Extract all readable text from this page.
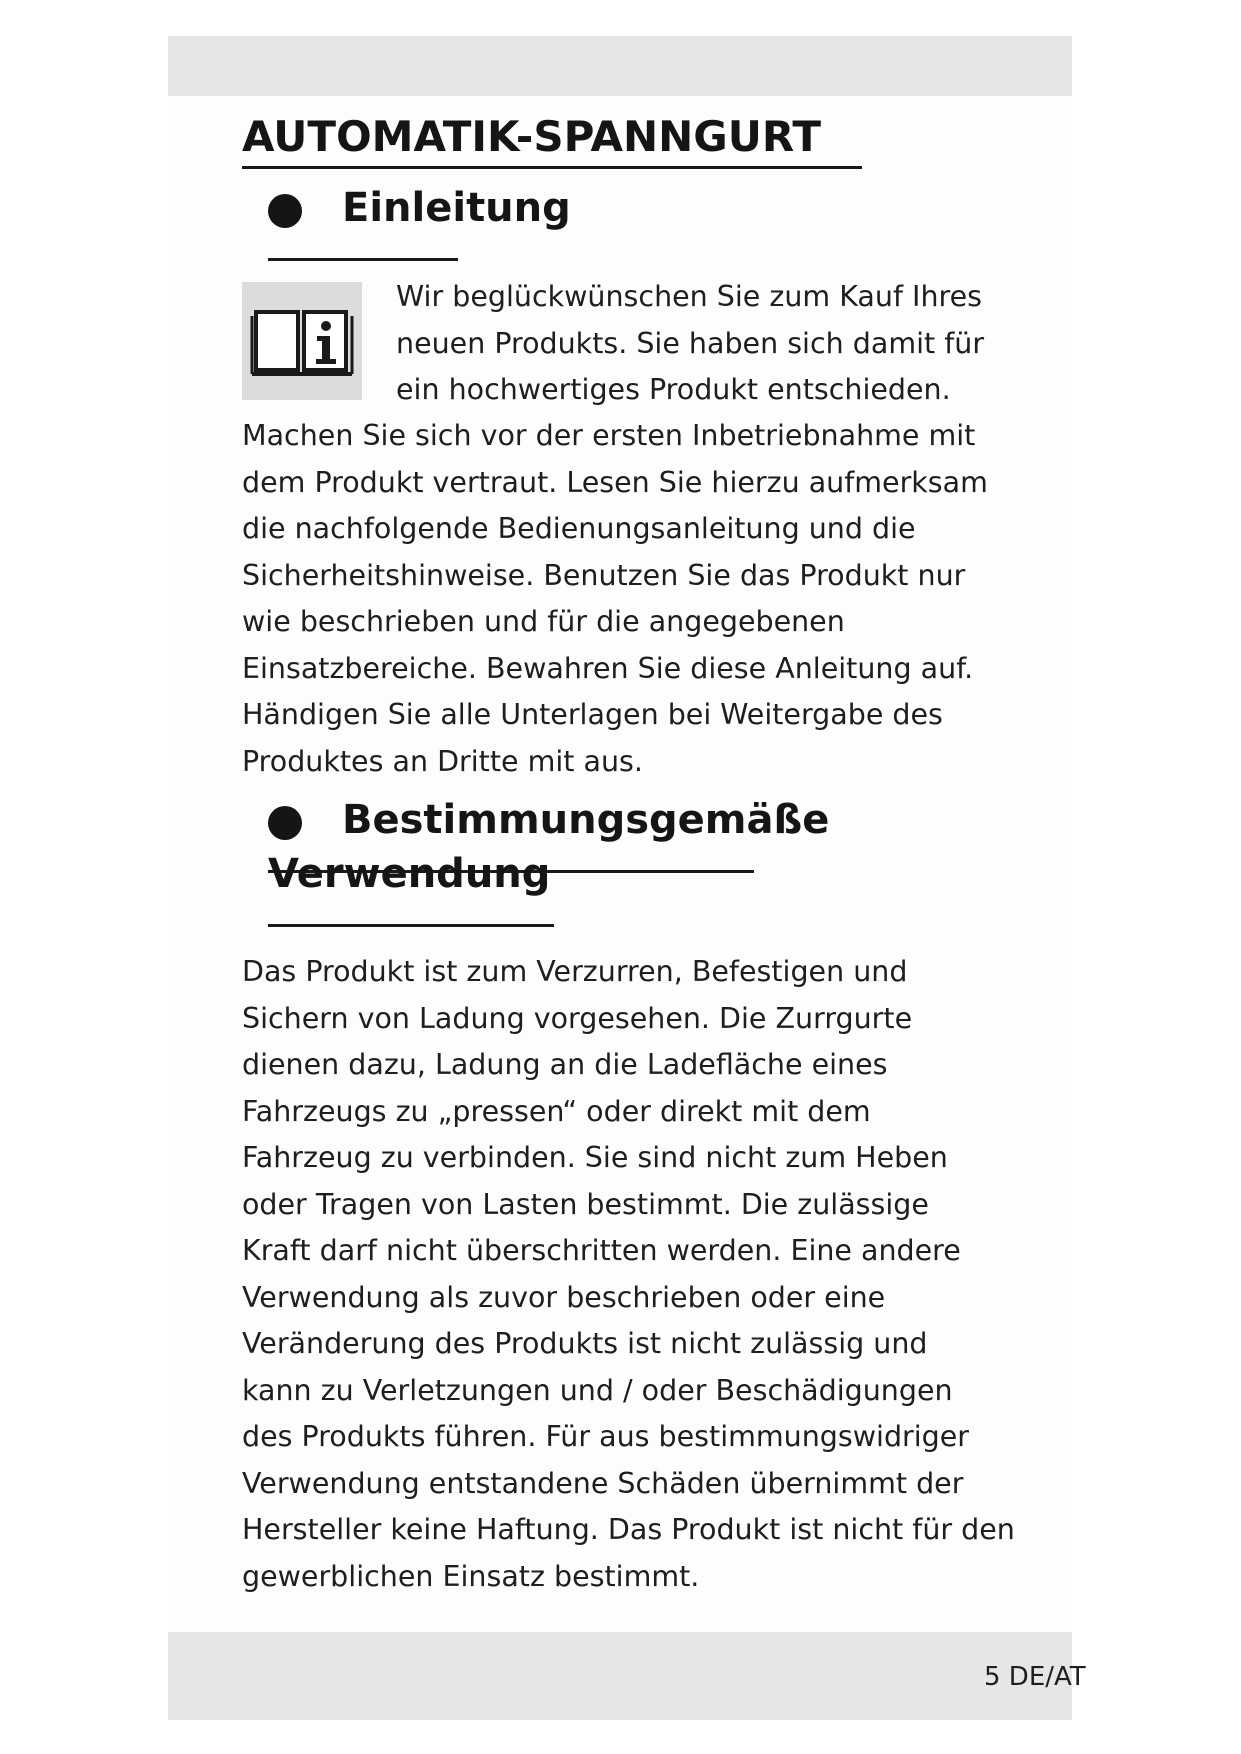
AUTOMATIK-SPANNGURT
Einleitung

Wir beglückwünschen Sie zum Kauf Ihres
neuen Produkts. Sie haben sich damit für
ein hochwertiges Produkt entschieden.

Machen Sie sich vor der ersten Inbetriebnahme mit
dem Produkt vertraut. Lesen Sie hierzu aufmerksam
die nachfolgende Bedienungsanleitung und die
Sicherheitshinweise. Benutzen Sie das Produkt nur
wie beschrieben und für die angegebenen
Einsatzbereiche. Bewahren Sie diese Anleitung auf.
Händigen Sie alle Unterlagen bei Weitergabe des
Produktes an Dritte mit aus.

Bestimmungsgemäße
Verwendung

Das Produkt ist zum Verzurren, Befestigen und
Sichern von Ladung vorgesehen. Die Zurrgurte
dienen dazu, Ladung an die Ladefläche eines
Fahrzeugs zu „pressen“ oder direkt mit dem
Fahrzeug zu verbinden. Sie sind nicht zum Heben
oder Tragen von Lasten bestimmt. Die zulässige
Kraft darf nicht überschritten werden. Eine andere
Verwendung als zuvor beschrieben oder eine
Veränderung des Produkts ist nicht zulässig und
kann zu Verletzungen und / oder Beschädigungen
des Produkts führen. Für aus bestimmungswidriger
Verwendung entstandene Schäden übernimmt der
Hersteller keine Haftung. Das Produkt ist nicht für den
gewerblichen Einsatz bestimmt.

5 DE/AT
